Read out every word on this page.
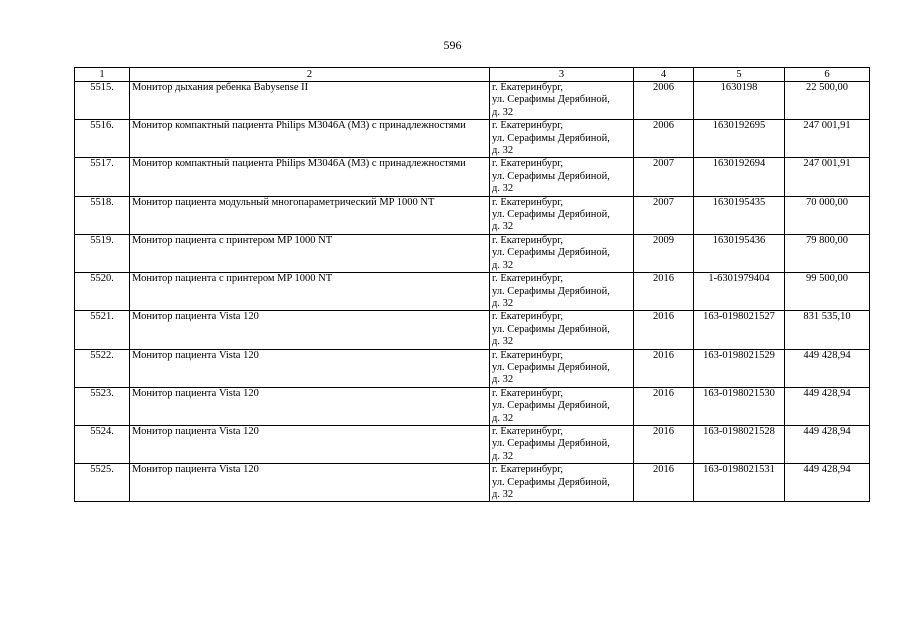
596
1	2	3	4	5	6
5515.	Монитор дыхания ребенка Babysense II	г. Екатеринбург,
ул. Серафимы Дерябиной,
д. 32	2006	1630198	22 500,00
5516.	Монитор компактный пациента Philips M3046A (М3) с принадлежностями	г. Екатеринбург,
ул. Серафимы Дерябиной,
д. 32	2006	1630192695	247 001,91
5517.	Монитор компактный пациента Philips M3046A (М3) с принадлежностями	г. Екатеринбург,
ул. Серафимы Дерябиной,
д. 32	2007	1630192694	247 001,91
5518.	Монитор пациента модульный многопараметрический MP 1000 NT	г. Екатеринбург,
ул. Серафимы Дерябиной,
д. 32	2007	1630195435	70 000,00
5519.	Монитор пациента с принтером MP 1000 NT	г. Екатеринбург,
ул. Серафимы Дерябиной,
д. 32	2009	1630195436	79 800,00
5520.	Монитор пациента с принтером MP 1000 NT	г. Екатеринбург,
ул. Серафимы Дерябиной,
д. 32	2016	1-6301979404	99 500,00
5521.	Монитор пациента Vista 120	г. Екатеринбург,
ул. Серафимы Дерябиной,
д. 32	2016	163-0198021527	831 535,10
5522.	Монитор пациента Vista 120	г. Екатеринбург,
ул. Серафимы Дерябиной,
д. 32	2016	163-0198021529	449 428,94
5523.	Монитор пациента Vista 120	г. Екатеринбург,
ул. Серафимы Дерябиной,
д. 32	2016	163-0198021530	449 428,94
5524.	Монитор пациента Vista 120	г. Екатеринбург,
ул. Серафимы Дерябиной,
д. 32	2016	163-0198021528	449 428,94
5525.	Монитор пациента Vista 120	г. Екатеринбург,
ул. Серафимы Дерябиной,
д. 32	2016	163-0198021531	449 428,94
